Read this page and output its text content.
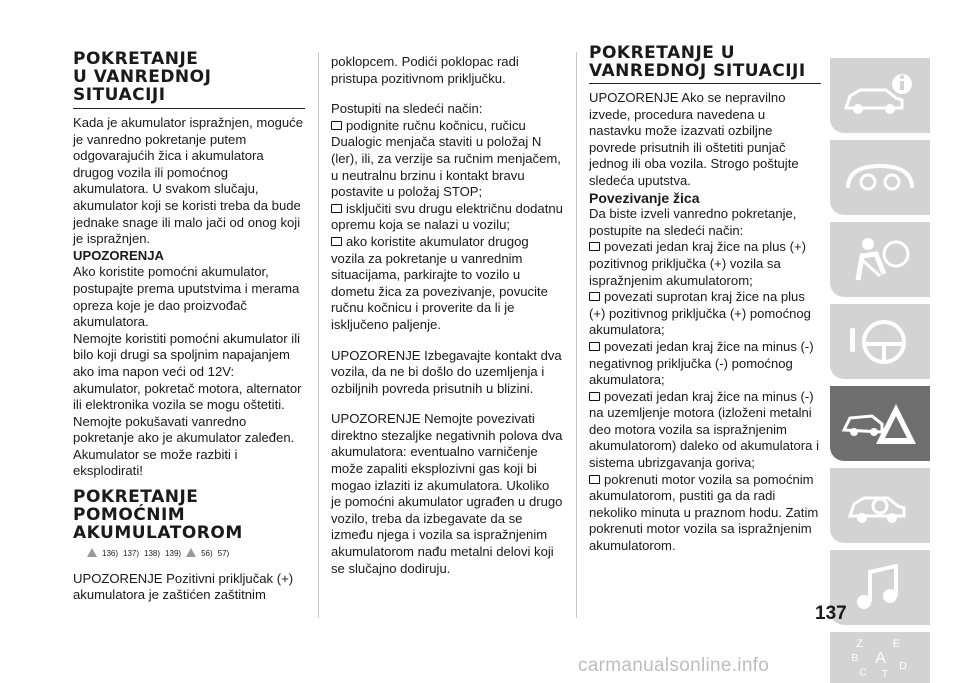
POKRETANJE

U VANREDNOJ

SITUACIJI

Kada je akumulator ispražnjen, moguće je vanredno pokretanje putem odgovarajućih žica i akumulatora drugog vozila ili pomoćnog akumulatora. U svakom slučaju, akumulator koji se koristi treba da bude jednake snage ili malo jači od onog koji je ispražnjen.

UPOZORENJA

Ako koristite pomoćni akumulator, postupajte prema uputstvima i merama opreza koje je dao proizvođač akumulatora.

Nemojte koristiti pomoćni akumulator ili bilo koji drugi sa spoljnim napajanjem ako ima napon veći od 12V: akumulator, pokretač motora, alternator ili elektronika vozila se mogu oštetiti.

Nemojte pokušavati vanredno pokretanje ako je akumulator zaleđen. Akumulator se može razbiti i eksplodirati!

POKRETANJE

POMOĆNIM

AKUMULATOROM

136) 137) 138) 139)	56) 57)

UPOZORENJE Pozitivni priključak (+) akumulatora je zaštićen zaštitnim

poklopcem. Podići poklopac radi pristupa pozitivnom priključku.

Postupiti na sledeći način:

podignite ručnu kočnicu, ručicu Dualogic menjača staviti u položaj N (ler), ili, za verzije sa ručnim menjačem, u neutralnu brzinu i kontakt bravu postavite u položaj STOP;

isključiti svu drugu električnu dodatnu opremu koja se nalazi u vozilu;

ako koristite akumulator drugog vozila za pokretanje u vanrednim situacijama, parkirajte to vozilo u dometu žica za povezivanje, povucite ručnu kočnicu i proverite da li je isključeno paljenje.

UPOZORENJE Izbegavajte kontakt dva vozila, da ne bi došlo do uzemljenja i ozbiljnih povreda prisutnih u blizini.

UPOZORENJE Nemojte povezivati direktno stezaljke negativnih polova dva akumulatora: eventualno varničenje može zapaliti eksplozivni gas koji bi mogao izlaziti iz akumulatora. Ukoliko je pomoćni akumulator ugrađen u drugo vozilo, treba da izbegavate da se između njega i vozila sa ispražnjenim akumulatorom nađu metalni delovi koji se slučajno dodiruju.

POKRETANJE U

VANREDNOJ SITUACIJI

UPOZORENJE Ako se nepravilno izvede, procedura navedena u nastavku može izazvati ozbiljne povrede prisutnih ili oštetiti punjač jednog ili oba vozila. Strogo poštujte sledeća uputstva.

Povezivanje žica

Da biste izveli vanredno pokretanje, postupite na sledeći način:

povezati jedan kraj žice na plus (+) pozitivnog priključka (+) vozila sa ispražnjenim akumulatorom;

povezati suprotan kraj žice na plus (+) pozitivnog priključka (+) pomoćnog akumulatora;

povezati jedan kraj žice na minus (-) negativnog priključka (-) pomoćnog akumulatora;

povezati jedan kraj žice na minus (-) na uzemljenje motora (izloženi metalni deo motora vozila sa ispražnjenim akumulatorom) daleko od akumulatora i sistema ubrizgavanja goriva;

pokrenuti motor vozila sa pomoćnim akumulatorom, pustiti ga da radi nekoliko minuta u praznom hodu. Zatim pokrenuti motor vozila sa ispražnjenim akumulatorom.

Z E
B A
C T
D
137
carmanualsonline.info
